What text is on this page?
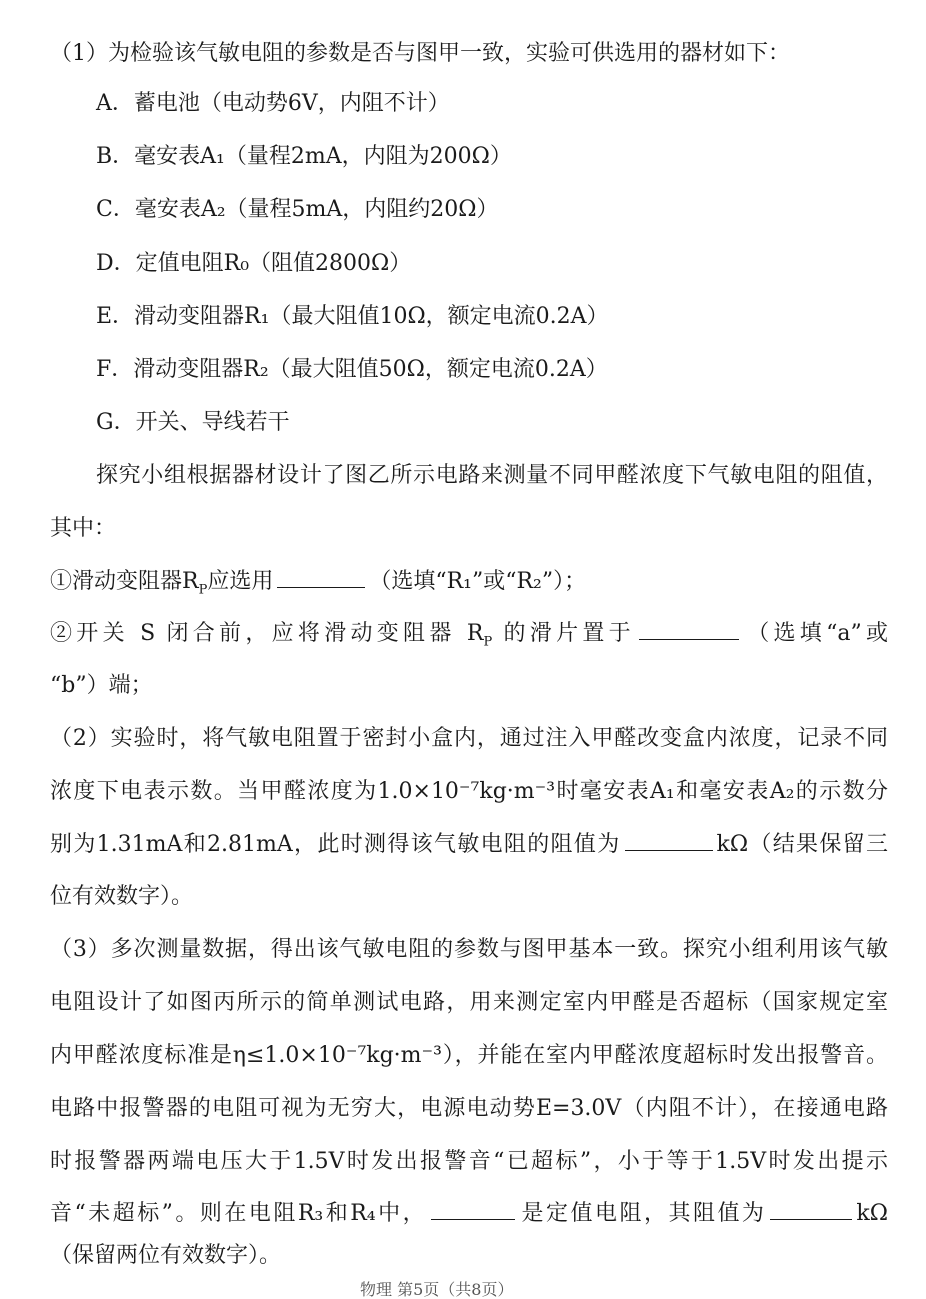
（1）为检验该气敏电阻的参数是否与图甲一致，实验可供选用的器材如下：
A．蓄电池（电动势6V，内阻不计）
B．毫安表A₁（量程2mA，内阻为200Ω）
C．毫安表A₂（量程5mA，内阻约20Ω）
D．定值电阻R₀（阻值2800Ω）
E．滑动变阻器R₁（最大阻值10Ω，额定电流0.2A）
F．滑动变阻器R₂（最大阻值50Ω，额定电流0.2A）
G．开关、导线若干
探究小组根据器材设计了图乙所示电路来测量不同甲醛浓度下气敏电阻的阻值，
其中：
①滑动变阻器$R_P$应选用	（选填“R₁”或“R₂”）；
②开关 S 闭合前，应将滑动变阻器 $R_P$ 的滑片置于	（选填“a”或
“b”）端；
（2）实验时，将气敏电阻置于密封小盒内，通过注入甲醛改变盒内浓度，记录不同
浓度下电表示数。当甲醛浓度为1.0×10⁻⁷kg·m⁻³时毫安表A₁和毫安表A₂的示数分
别为1.31mA和2.81mA，此时测得该气敏电阻的阻值为	kΩ（结果保留三
位有效数字）。
（3）多次测量数据，得出该气敏电阻的参数与图甲基本一致。探究小组利用该气敏
电阻设计了如图丙所示的简单测试电路，用来测定室内甲醛是否超标（国家规定室
内甲醛浓度标准是η≤1.0×10⁻⁷kg·m⁻³），并能在室内甲醛浓度超标时发出报警音。
电路中报警器的电阻可视为无穷大，电源电动势E=3.0V（内阻不计），在接通电路
时报警器两端电压大于1.5V时发出报警音“已超标”，小于等于1.5V时发出提示
音“未超标”。则在电阻R₃和R₄中，	是定值电阻，其阻值为	kΩ
（保留两位有效数字）。
物理 第5页（共8页）
